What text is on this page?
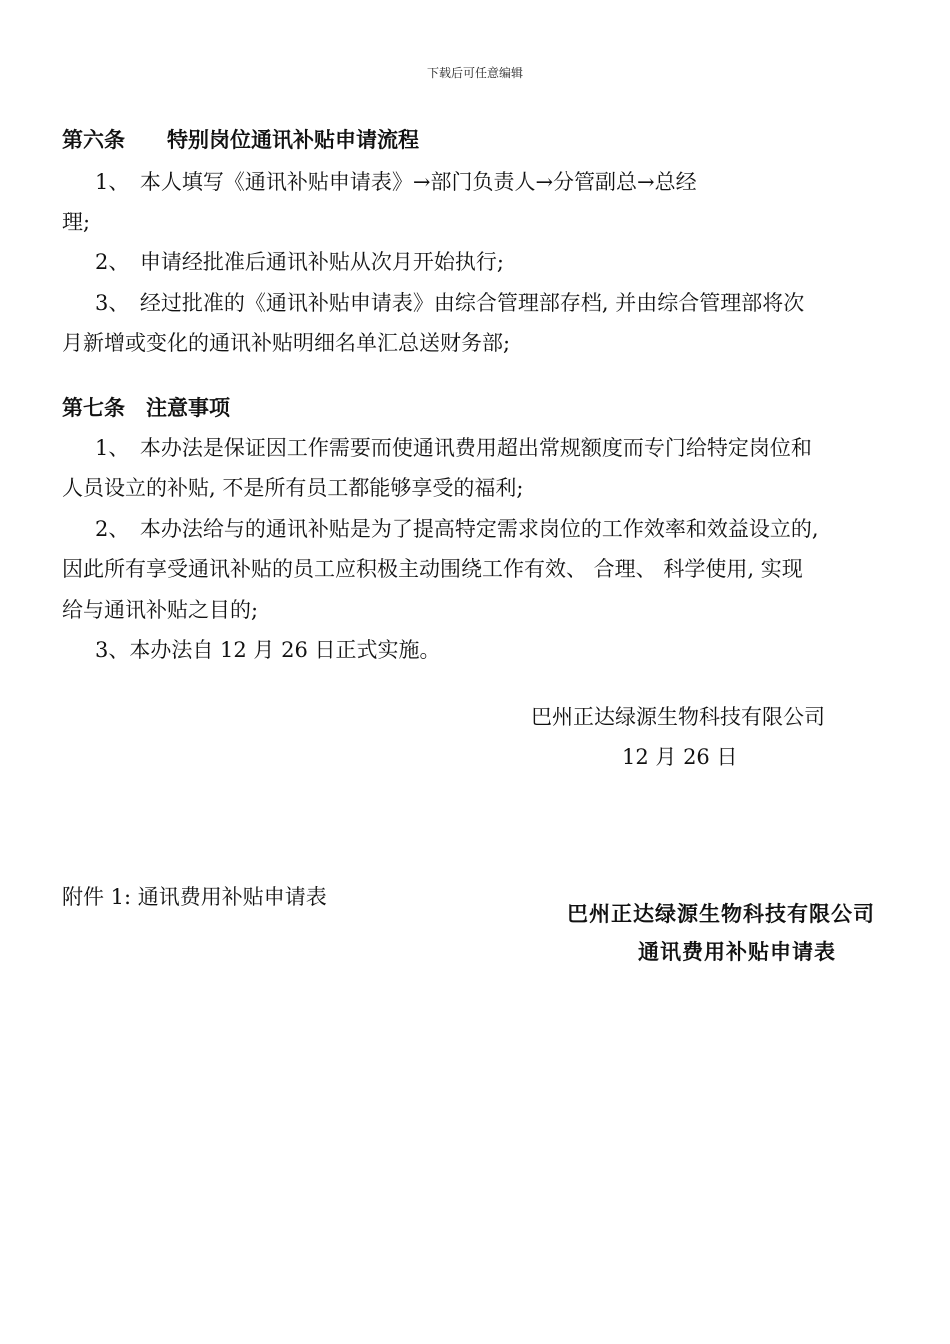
下载后可任意编辑
第六条　　特别岗位通讯补贴申请流程
1、　本人填写《通讯补贴申请表》→部门负责人→分管副总→总经
理;
2、　申请经批准后通讯补贴从次月开始执行;
3、　经过批准的《通讯补贴申请表》由综合管理部存档, 并由综合管理部将次
月新增或变化的通讯补贴明细名单汇总送财务部;
第七条　注意事项
1、　本办法是保证因工作需要而使通讯费用超出常规额度而专门给特定岗位和
人员设立的补贴, 不是所有员工都能够享受的福利;
2、　本办法给与的通讯补贴是为了提高特定需求岗位的工作效率和效益设立的,
因此所有享受通讯补贴的员工应积极主动围绕工作有效、 合理、 科学使用, 实现
给与通讯补贴之目的;
3、本办法自 12 月 26 日正式实施。
巴州正达绿源生物科技有限公司
12 月 26 日
附件 1: 通讯费用补贴申请表
巴州正达绿源生物科技有限公司
通讯费用补贴申请表
